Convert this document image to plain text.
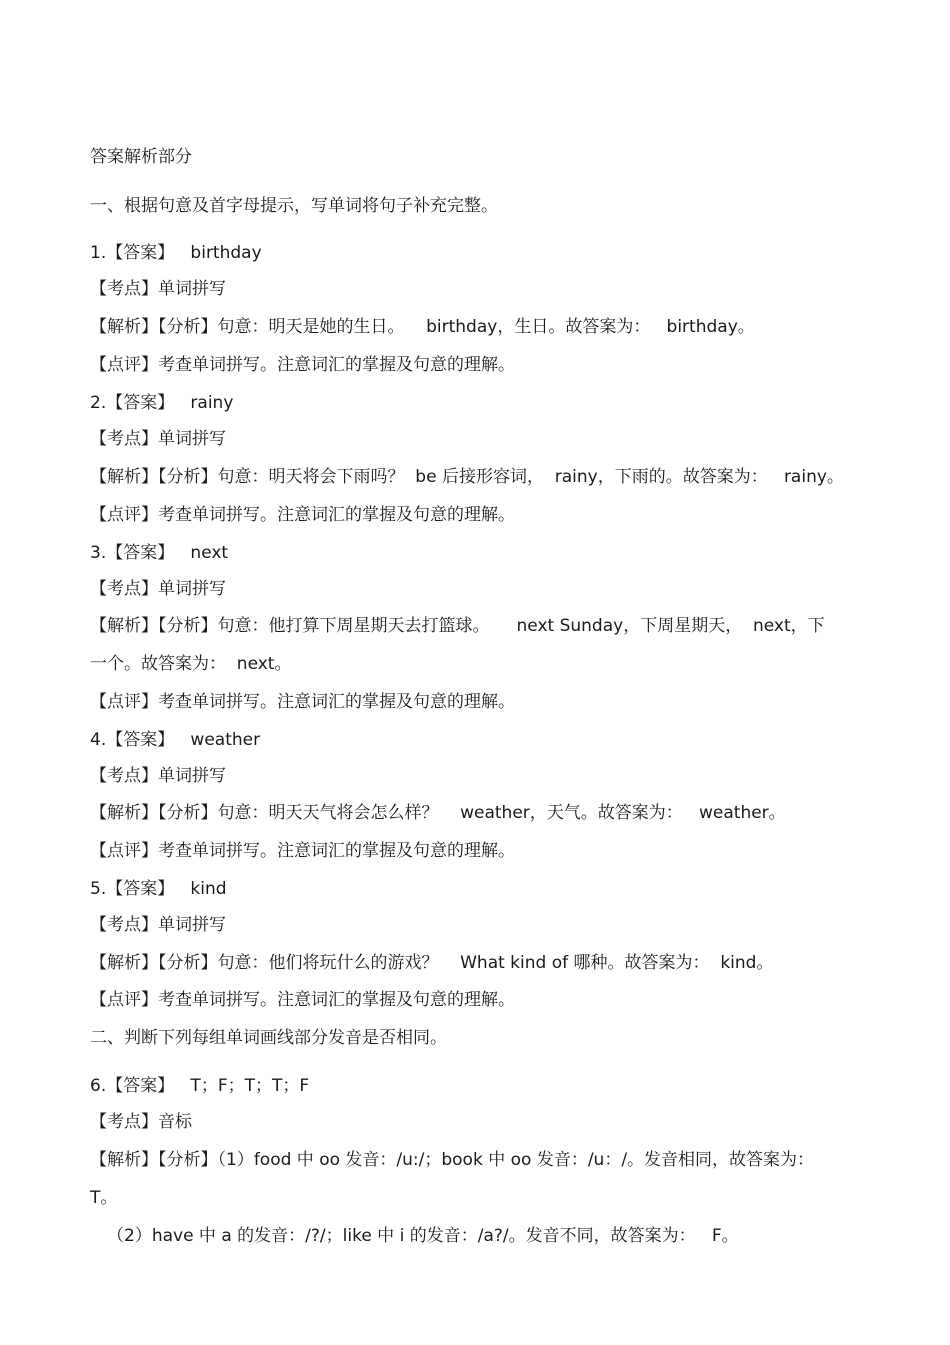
答案解析部分
一、根据句意及首字母提示，写单词将句子补充完整。
1.【答案】   birthday
【考点】单词拼写
【解析】【分析】句意：明天是她的生日。    birthday，生日。故答案为：   birthday。
【点评】考查单词拼写。注意词汇的掌握及句意的理解。
2.【答案】   rainy
【考点】单词拼写
【解析】【分析】句意：明天将会下雨吗？  be 后接形容词，  rainy，下雨的。故答案为：   rainy。
【点评】考查单词拼写。注意词汇的掌握及句意的理解。
3.【答案】   next
【考点】单词拼写
【解析】【分析】句意：他打算下周星期天去打篮球。     next Sunday，下周星期天，  next，下
一个。故答案为：  next。
【点评】考查单词拼写。注意词汇的掌握及句意的理解。
4.【答案】   weather
【考点】单词拼写
【解析】【分析】句意：明天天气将会怎么样？    weather，天气。故答案为：   weather。
【点评】考查单词拼写。注意词汇的掌握及句意的理解。
5.【答案】   kind
【考点】单词拼写
【解析】【分析】句意：他们将玩什么的游戏？    What kind of 哪种。故答案为：  kind。
【点评】考查单词拼写。注意词汇的掌握及句意的理解。
二、判断下列每组单词画线部分发音是否相同。
6.【答案】   T；F；T；T；F
【考点】音标
【解析】【分析】（1）food 中 oo 发音：/u:/；book 中 oo 发音：/u：/。发音相同，故答案为：
T。
（2）have 中 a 的发音：/?/；like 中 i 的发音：/a?/。发音不同，故答案为：   F。
